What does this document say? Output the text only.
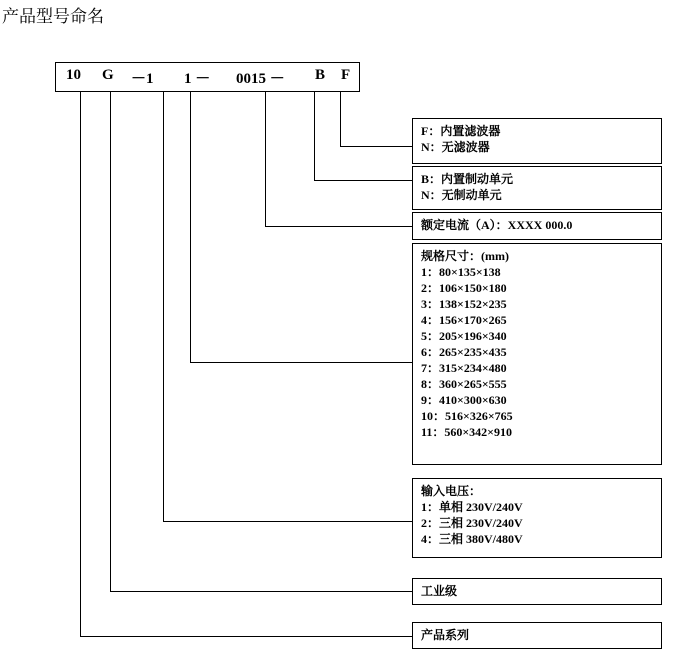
产品型号命名
10 G －1 1 － 0015 － B F
F：内置滤波器
N：无滤波器
B：内置制动单元
N：无制动单元
额定电流（A）：XXXX 000.0
规格尺寸：(mm)
1：80×135×138
2：106×150×180
3：138×152×235
4：156×170×265
5：205×196×340
6：265×235×435
7：315×234×480
8：360×265×555
9：410×300×630
10：516×326×765
11：560×342×910
输入电压：
1：单相 230V/240V
2：三相 230V/240V
4：三相 380V/480V
工业级
产品系列
